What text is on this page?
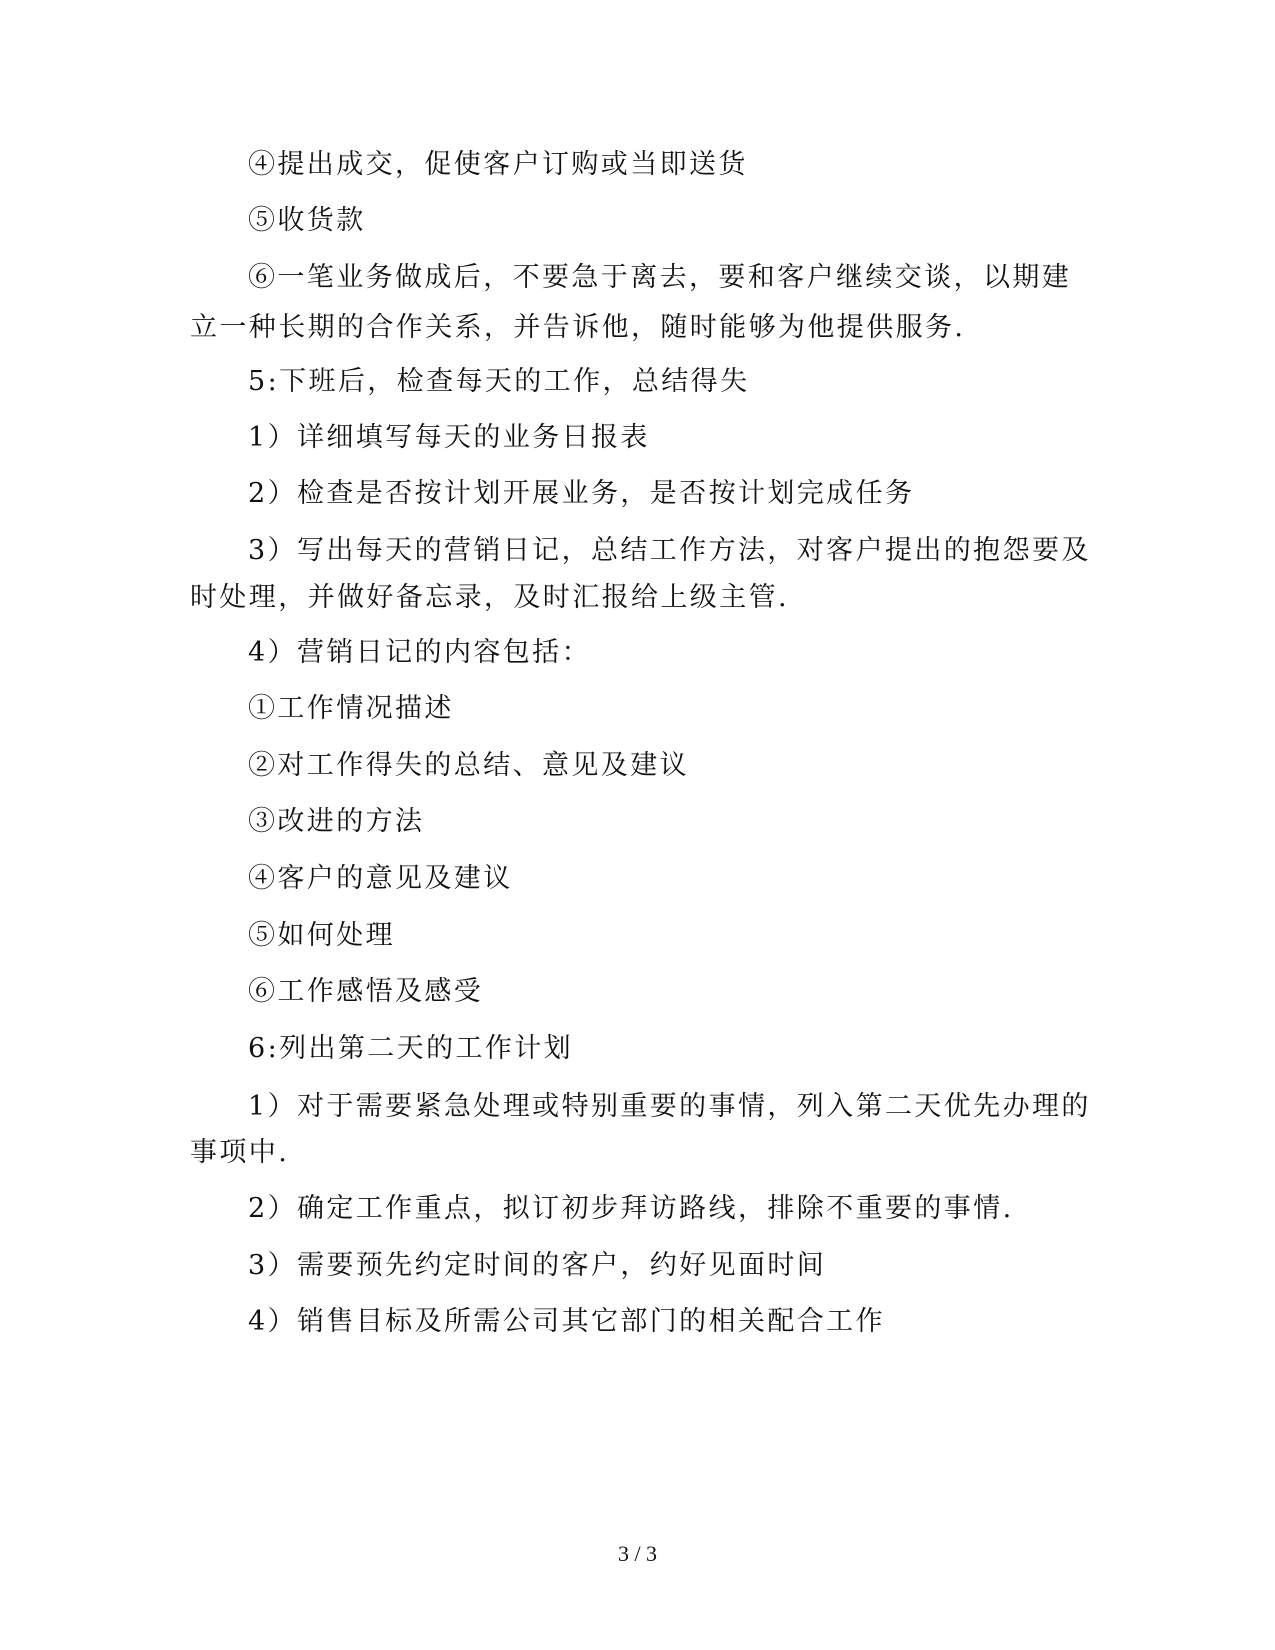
④提出成交，促使客户订购或当即送货
⑤收货款
⑥一笔业务做成后，不要急于离去，要和客户继续交谈，以期建
立一种长期的合作关系，并告诉他，随时能够为他提供服务.
5:下班后，检查每天的工作，总结得失
1）详细填写每天的业务日报表
2）检查是否按计划开展业务，是否按计划完成任务
3）写出每天的营销日记，总结工作方法，对客户提出的抱怨要及
时处理，并做好备忘录，及时汇报给上级主管.
4）营销日记的内容包括：
①工作情况描述
②对工作得失的总结、意见及建议
③改进的方法
④客户的意见及建议
⑤如何处理
⑥工作感悟及感受
6:列出第二天的工作计划
1）对于需要紧急处理或特别重要的事情，列入第二天优先办理的
事项中.
2）确定工作重点，拟订初步拜访路线，排除不重要的事情.
3）需要预先约定时间的客户，约好见面时间
4）销售目标及所需公司其它部门的相关配合工作
3 / 3
